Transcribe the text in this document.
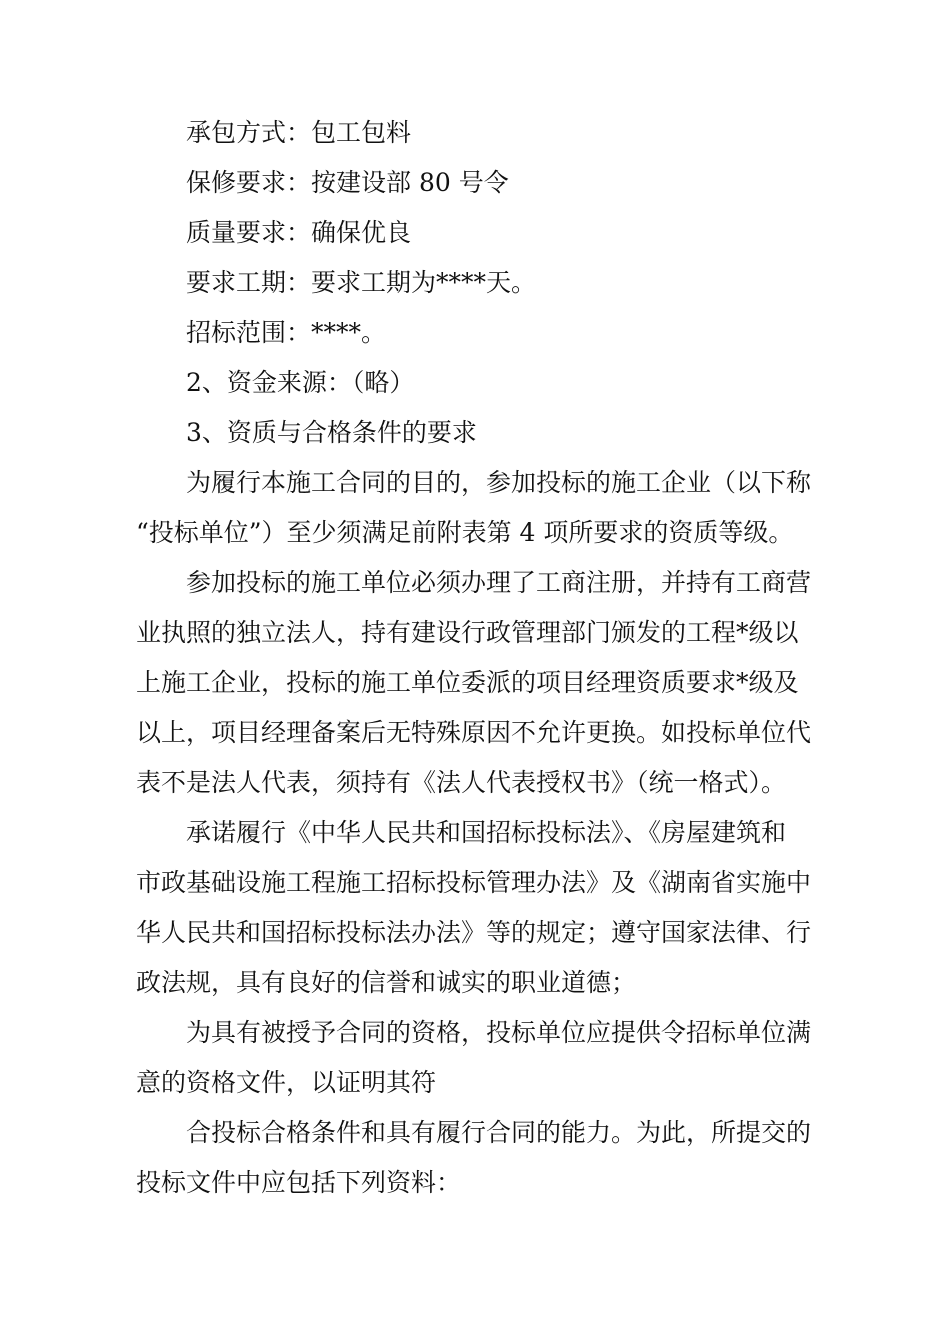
承包方式：包工包料
保修要求：按建设部 80 号令
质量要求：确保优良
要求工期：要求工期为****天。
招标范围：****。
2、资金来源：（略）
3、资质与合格条件的要求
为履行本施工合同的目的，参加投标的施工企业（以下称
“投标单位”）至少须满足前附表第 4 项所要求的资质等级。
参加投标的施工单位必须办理了工商注册，并持有工商营
业执照的独立法人，持有建设行政管理部门颁发的工程*级以
上施工企业，投标的施工单位委派的项目经理资质要求*级及
以上，项目经理备案后无特殊原因不允许更换。如投标单位代
表不是法人代表，须持有《法人代表授权书》（统一格式）。
承诺履行《中华人民共和国招标投标法》、《房屋建筑和
市政基础设施工程施工招标投标管理办法》及《湖南省实施中
华人民共和国招标投标法办法》等的规定；遵守国家法律、行
政法规，具有良好的信誉和诚实的职业道德；
为具有被授予合同的资格，投标单位应提供令招标单位满
意的资格文件，以证明其符
合投标合格条件和具有履行合同的能力。为此，所提交的
投标文件中应包括下列资料：
